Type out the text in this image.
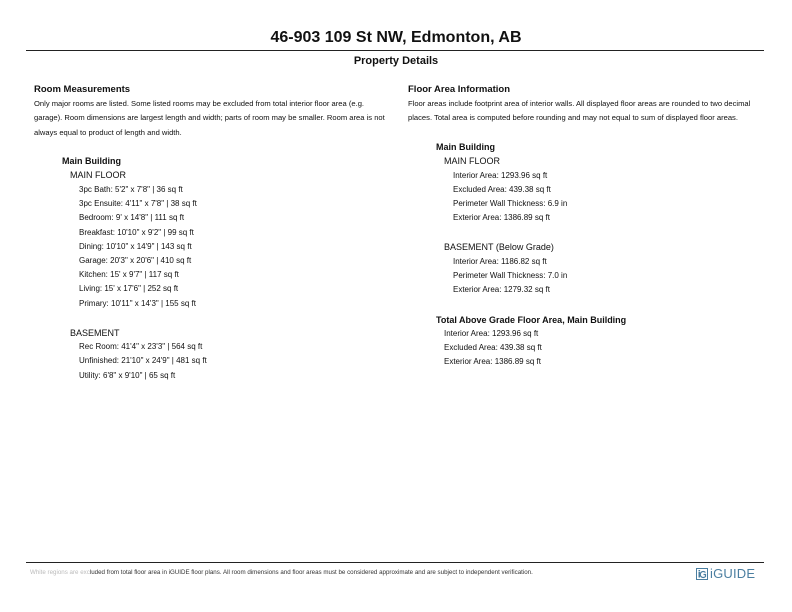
46-903 109 St NW, Edmonton, AB
Property Details

Room Measurements

Only major rooms are listed. Some listed rooms may be excluded from total interior floor area (e.g. garage). Room dimensions are largest length and width; parts of room may be smaller. Room area is not always equal to product of length and width.

Main Building
MAIN FLOOR
3pc Bath: 5'2" x 7'8" | 36 sq ft
3pc Ensuite: 4'11" x 7'8" | 38 sq ft
Bedroom: 9' x 14'8" | 111 sq ft
Breakfast: 10'10" x 9'2" | 99 sq ft
Dining: 10'10" x 14'9" | 143 sq ft
Garage: 20'3" x 20'6" | 410 sq ft
Kitchen: 15' x 9'7" | 117 sq ft
Living: 15' x 17'6" | 252 sq ft
Primary: 10'11" x 14'3" | 155 sq ft
BASEMENT
Rec Room: 41'4" x 23'3" | 564 sq ft
Unfinished: 21'10" x 24'9" | 481 sq ft
Utility: 6'8" x 9'10" | 65 sq ft

Floor Area Information

Floor areas include footprint area of interior walls. All displayed floor areas are rounded to two decimal places. Total area is computed before rounding and may not equal to sum of displayed floor areas.

Main Building
MAIN FLOOR
Interior Area: 1293.96 sq ft
Excluded Area: 439.38 sq ft
Perimeter Wall Thickness: 6.9 in
Exterior Area: 1386.89 sq ft
BASEMENT (Below Grade)
Interior Area: 1186.82 sq ft
Perimeter Wall Thickness: 7.0 in
Exterior Area: 1279.32 sq ft
Total Above Grade Floor Area, Main Building
Interior Area: 1293.96 sq ft
Excluded Area: 439.38 sq ft
Exterior Area: 1386.89 sq ft
White regions are excluded from total floor area in iGUIDE floor plans. All room dimensions and floor areas must be considered approximate and are subject to independent verification.	iGUIDE
